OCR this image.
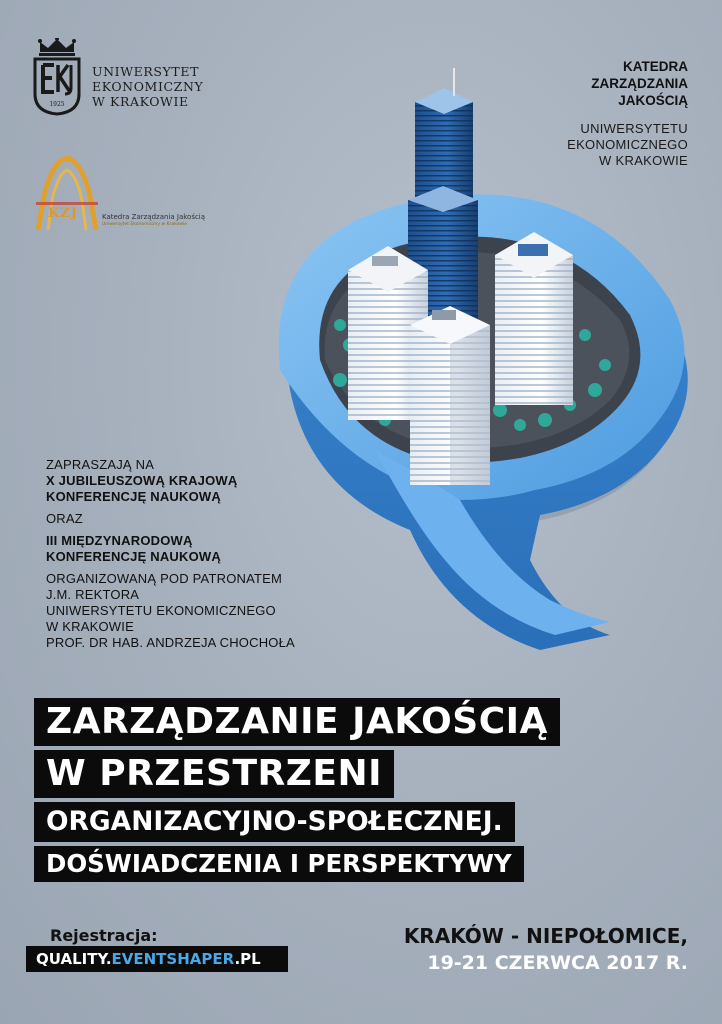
1925
UNIWERSYTET
EKONOMICZNY
W KRAKOWIE
KZJ	Katedra Zarządzania Jakością
Uniwersytet Ekonomiczny w Krakowie
KATEDRA
ZARZĄDZANIA
JAKOŚCIĄ
UNIWERSYTETU
EKONOMICZNEGO
W KRAKOWIE
ZAPRASZAJĄ NA
X JUBILEUSZOWĄ KRAJOWĄ
KONFERENCJĘ NAUKOWĄ
ORAZ
III MIĘDZYNARODOWĄ
KONFERENCJĘ NAUKOWĄ
ORGANIZOWANĄ POD PATRONATEM
J.M. REKTORA
UNIWERSYTETU EKONOMICZNEGO
W KRAKOWIE
PROF. DR HAB. ANDRZEJA CHOCHOŁA
ZARZĄDZANIE JAKOŚCIĄ
W PRZESTRZENI
ORGANIZACYJNO-SPOŁECZNEJ.
DOŚWIADCZENIA I PERSPEKTYWY
Rejestracja:
QUALITY.EVENTSHAPER.PL
KRAKÓW - NIEPOŁOMICE,
19-21 CZERWCA 2017 R.
